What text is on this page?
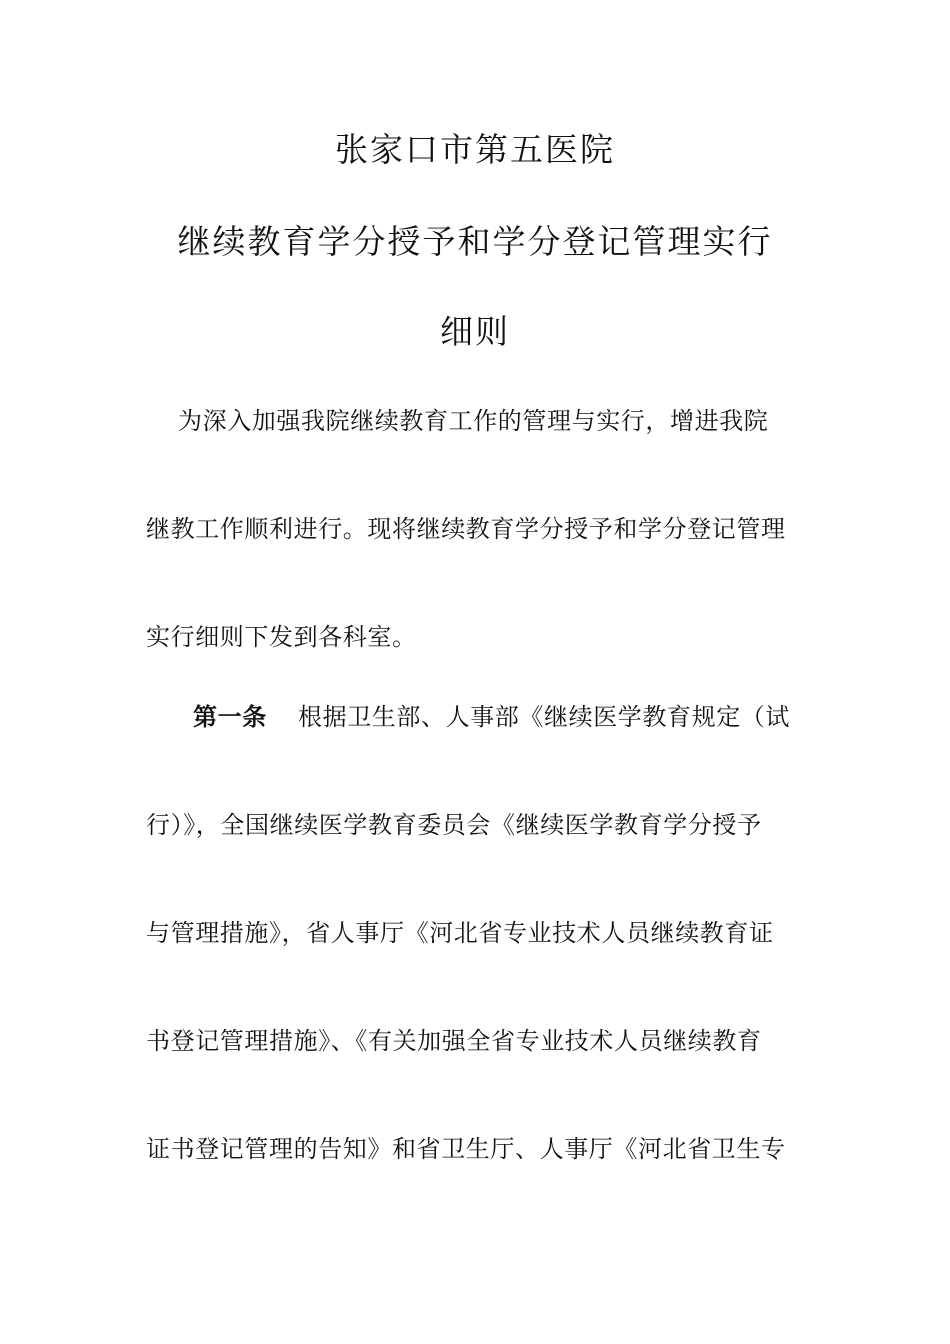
张家口市第五医院
继续教育学分授予和学分登记管理实行
细则
为深入加强我院继续教育工作的管理与实行，增进我院
继教工作顺利进行。现将继续教育学分授予和学分登记管理
实行细则下发到各科室。
第一条 根据卫生部、人事部《继续医学教育规定（试
行）》，全国继续医学教育委员会《继续医学教育学分授予
与管理措施》，省人事厅《河北省专业技术人员继续教育证
书登记管理措施》、《有关加强全省专业技术人员继续教育
证书登记管理的告知》和省卫生厅、人事厅《河北省卫生专
